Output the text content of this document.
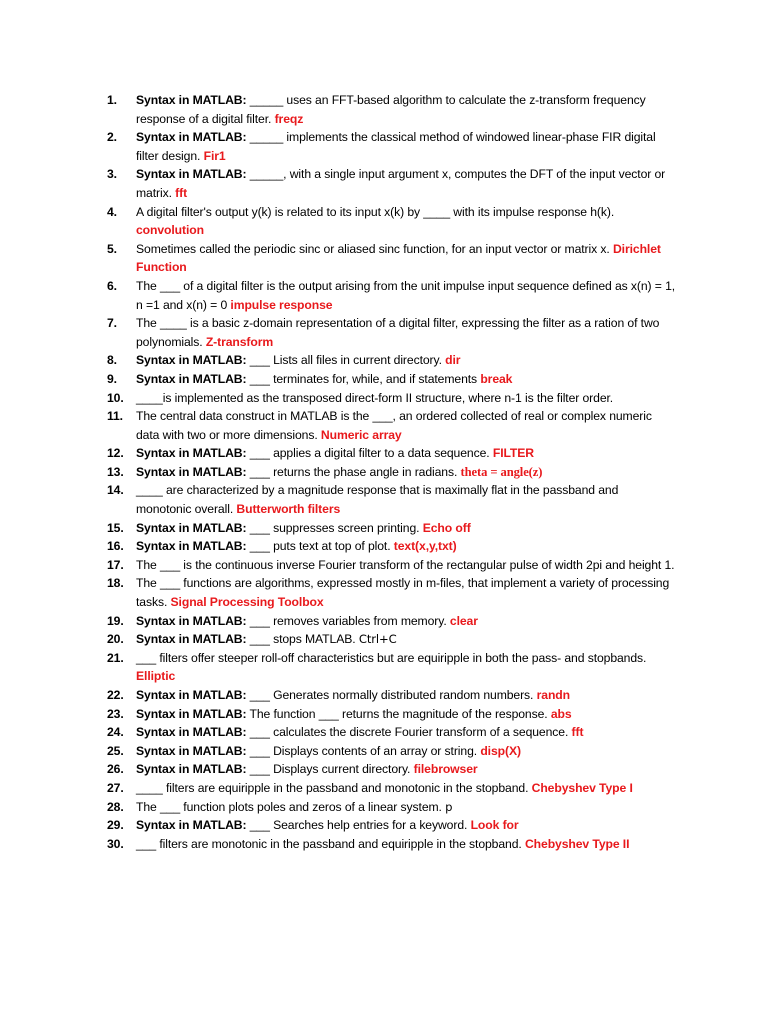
1. Syntax in MATLAB: _____ uses an FFT-based algorithm to calculate the z-transform frequency response of a digital filter. freqz
2. Syntax in MATLAB: _____ implements the classical method of windowed linear-phase FIR digital filter design. Fir1
3. Syntax in MATLAB: _____, with a single input argument x, computes the DFT of the input vector or matrix. fft
4. A digital filter's output y(k) is related to its input x(k) by ____ with its impulse response h(k). convolution
5. Sometimes called the periodic sinc or aliased sinc function, for an input vector or matrix x. Dirichlet Function
6. The ___ of a digital filter is the output arising from the unit impulse input sequence defined as x(n) = 1, n =1 and x(n) = 0 impulse response
7. The ____ is a basic z-domain representation of a digital filter, expressing the filter as a ration of two polynomials. Z-transform
8. Syntax in MATLAB: ___ Lists all files in current directory. dir
9. Syntax in MATLAB: ___ terminates for, while, and if statements break
10. ____is implemented as the transposed direct-form II structure, where n-1 is the filter order.
11. The central data construct in MATLAB is the ___, an ordered collected of real or complex numeric data with two or more dimensions. Numeric array
12. Syntax in MATLAB: ___ applies a digital filter to a data sequence. FILTER
13. Syntax in MATLAB: ___ returns the phase angle in radians. theta = angle(z)
14. ____ are characterized by a magnitude response that is maximally flat in the passband and monotonic overall. Butterworth filters
15. Syntax in MATLAB: ___ suppresses screen printing. Echo off
16. Syntax in MATLAB: ___ puts text at top of plot. text(x,y,txt)
17. The ___ is the continuous inverse Fourier transform of the rectangular pulse of width 2pi and height 1.
18. The ___ functions are algorithms, expressed mostly in m-files, that implement a variety of processing tasks. Signal Processing Toolbox
19. Syntax in MATLAB: ___ removes variables from memory. clear
20. Syntax in MATLAB: ___ stops MATLAB. Ctrl+C
21. ___ filters offer steeper roll-off characteristics but are equiripple in both the pass- and stopbands. Elliptic
22. Syntax in MATLAB: ___ Generates normally distributed random numbers. randn
23. Syntax in MATLAB: The function ___ returns the magnitude of the response. abs
24. Syntax in MATLAB: ___ calculates the discrete Fourier transform of a sequence. fft
25. Syntax in MATLAB: ___ Displays contents of an array or string. disp(X)
26. Syntax in MATLAB: ___ Displays current directory. filebrowser
27. ____ filters are equiripple in the passband and monotonic in the stopband. Chebyshev Type I
28. The ___ function plots poles and zeros of a linear system. p
29. Syntax in MATLAB: ___ Searches help entries for a keyword. Look for
30. ___ filters are monotonic in the passband and equiripple in the stopband. Chebyshev Type II
